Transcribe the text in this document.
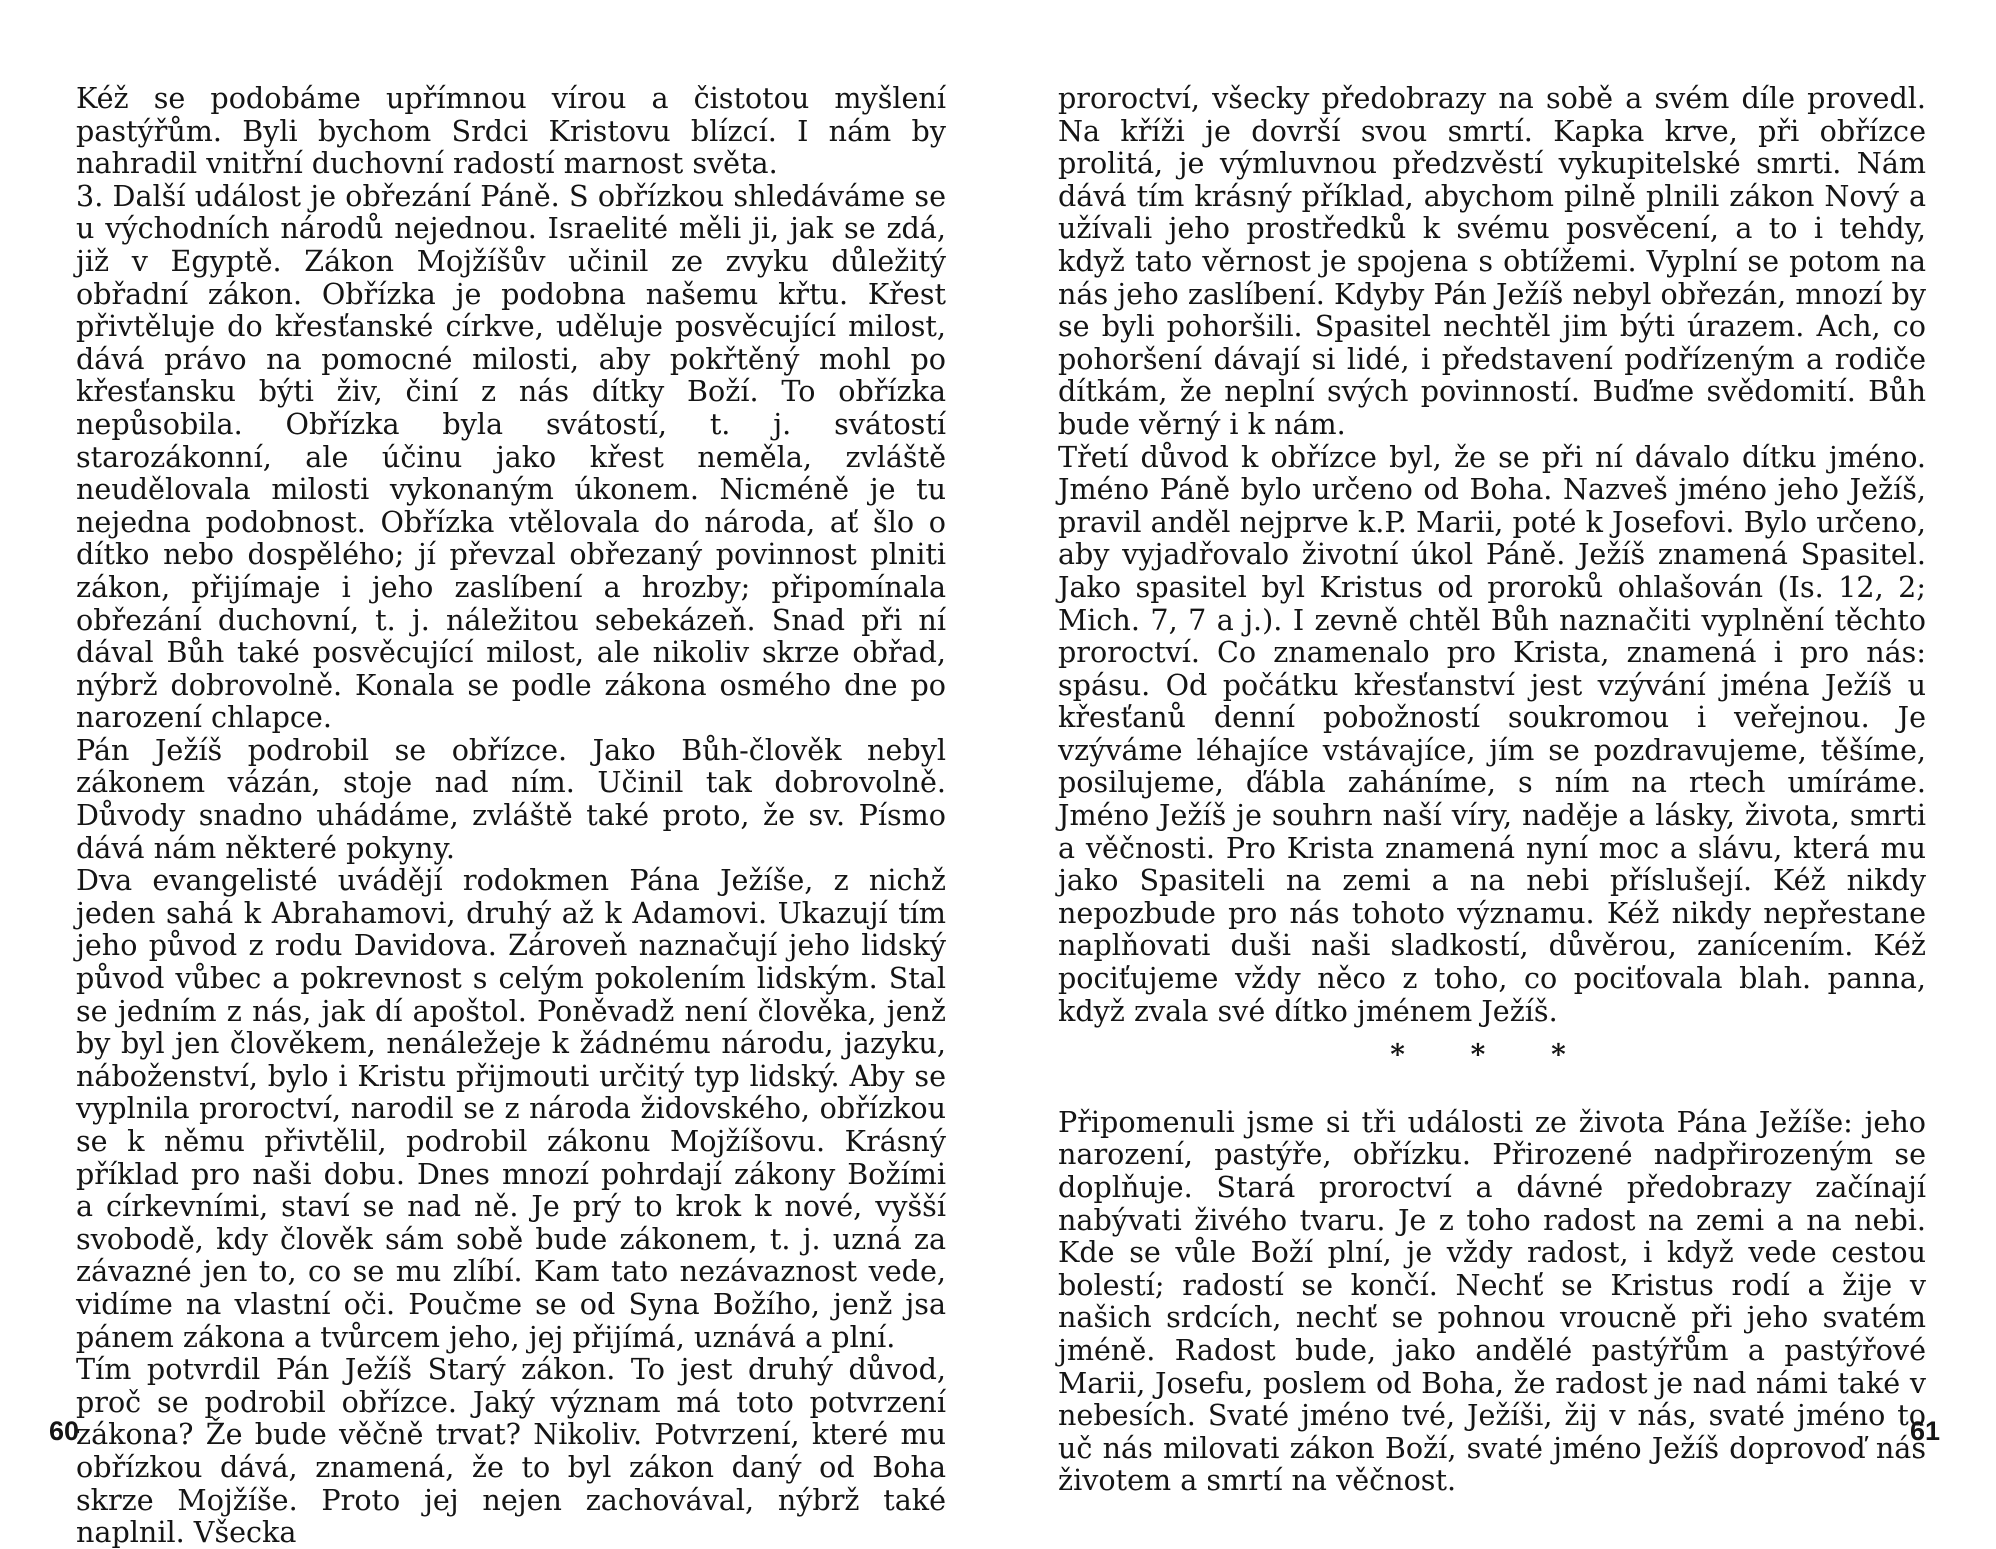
Kéž se podobáme upřímnou vírou a čistotou myšlení pastýřům. Byli bychom Srdci Kristovu blízcí. I nám by nahradil vnitřní duchovní radostí marnost světa.

3. Další událost je obřezání Páně. S obřízkou shledáváme se u východních národů nejednou. Israelité měli ji, jak se zdá, již v Egyptě. Zákon Mojžíšův učinil ze zvyku důležitý obřadní zákon. Obřízka je podobna našemu křtu. Křest přivtěluje do křesťanské církve, uděluje posvěcující milost, dává právo na pomocné milosti, aby pokřtěný mohl po křesťansku býti živ, činí z nás dítky Boží. To obřízka nepůsobila. Obřízka byla svátostí, t. j. svátostí starozákonní, ale účinu jako křest neměla, zvláště neudělovala milosti vykonaným úkonem. Nicméně je tu nejedna podobnost. Obřízka vtělovala do národa, ať šlo o dítko nebo dospělého; jí převzal obřezaný povinnost plniti zákon, přijímaje i jeho zaslíbení a hrozby; připomínala obřezání duchovní, t. j. náležitou sebekázeň. Snad při ní dával Bůh také posvěcující milost, ale nikoliv skrze obřad, nýbrž dobrovolně. Konala se podle zákona osmého dne po narození chlapce.

Pán Ježíš podrobil se obřízce. Jako Bůh-člověk nebyl zákonem vázán, stoje nad ním. Učinil tak dobrovolně. Důvody snadno uhádáme, zvláště také proto, že sv. Písmo dává nám některé pokyny.

Dva evangelisté uvádějí rodokmen Pána Ježíše, z nichž jeden sahá k Abrahamovi, druhý až k Adamovi. Ukazují tím jeho původ z rodu Davidova. Zároveň naznačují jeho lidský původ vůbec a pokrevnost s celým pokolením lidským. Stal se jedním z nás, jak dí apoštol. Poněvadž není člověka, jenž by byl jen člověkem, nenáležeje k žádnému národu, jazyku, náboženství, bylo i Kristu přijmouti určitý typ lidský. Aby se vyplnila proroctví, narodil se z národa židovského, obřízkou se k němu přivtělil, podrobil zákonu Mojžíšovu. Krásný příklad pro naši dobu. Dnes mnozí pohrdají zákony Božími a církevními, staví se nad ně. Je prý to krok k nové, vyšší svobodě, kdy člověk sám sobě bude zákonem, t. j. uzná za závazné jen to, co se mu zlíbí. Kam tato nezávaznost vede, vidíme na vlastní oči. Poučme se od Syna Božího, jenž jsa pánem zákona a tvůrcem jeho, jej přijímá, uznává a plní.

Tím potvrdil Pán Ježíš Starý zákon. To jest druhý důvod, proč se podrobil obřízce. Jaký význam má toto potvrzení zákona? Že bude věčně trvat? Nikoliv. Potvrzení, které mu obřízkou dává, znamená, že to byl zákon daný od Boha skrze Mojžíše. Proto jej nejen zachovával, nýbrž také naplnil. Všecka

60

proroctví, všecky předobrazy na sobě a svém díle provedl. Na kříži je dovrší svou smrtí. Kapka krve, při obřízce prolitá, je výmluvnou předzvěstí vykupitelské smrti. Nám dává tím krásný příklad, abychom pilně plnili zákon Nový a užívali jeho prostředků k svému posvěcení, a to i tehdy, když tato věrnost je spojena s obtížemi. Vyplní se potom na nás jeho zaslíbení. Kdyby Pán Ježíš nebyl obřezán, mnozí by se byli pohoršili. Spasitel nechtěl jim býti úrazem. Ach, co pohoršení dávají si lidé, i představení podřízeným a rodiče dítkám, že neplní svých povinností. Buďme svědomití. Bůh bude věrný i k nám.

Třetí důvod k obřízce byl, že se při ní dávalo dítku jméno. Jméno Páně bylo určeno od Boha. Nazveš jméno jeho Ježíš, pravil anděl nejprve k.P. Marii, poté k Josefovi. Bylo určeno, aby vyjadřovalo životní úkol Páně. Ježíš znamená Spasitel. Jako spasitel byl Kristus od proroků ohlašován (Is. 12, 2; Mich. 7, 7 a j.). I zevně chtěl Bůh naznačiti vyplnění těchto proroctví. Co znamenalo pro Krista, znamená i pro nás: spásu. Od počátku křesťanství jest vzývání jména Ježíš u křesťanů denní pobožností soukromou i veřejnou. Je vzýváme léhajíce vstávajíce, jím se pozdravujeme, těšíme, posilujeme, ďábla zaháníme, s ním na rtech umíráme. Jméno Ježíš je souhrn naší víry, naděje a lásky, života, smrti a věčnosti. Pro Krista znamená nyní moc a slávu, která mu jako Spasiteli na zemi a na nebi příslušejí. Kéž nikdy nepozbude pro nás tohoto významu. Kéž nikdy nepřestane naplňovati duši naši sladkostí, důvěrou, zanícením. Kéž pociťujeme vždy něco z toho, co pociťovala blah. panna, když zvala své dítko jménem Ježíš.

* * *

Připomenuli jsme si tři události ze života Pána Ježíše: jeho narození, pastýře, obřízku. Přirozené nadpřirozeným se doplňuje. Stará proroctví a dávné předobrazy začínají nabývati živého tvaru. Je z toho radost na zemi a na nebi. Kde se vůle Boží plní, je vždy radost, i když vede cestou bolestí; radostí se končí. Nechť se Kristus rodí a žije v našich srdcích, nechť se pohnou vroucně při jeho svatém jméně. Radost bude, jako andělé pastýřům a pastýřové Marii, Josefu, poslem od Boha, že radost je nad námi také v nebesích. Svaté jméno tvé, Ježíši, žij v nás, svaté jméno to uč nás milovati zákon Boží, svaté jméno Ježíš doprovoď nás životem a smrtí na věčnost.

61
